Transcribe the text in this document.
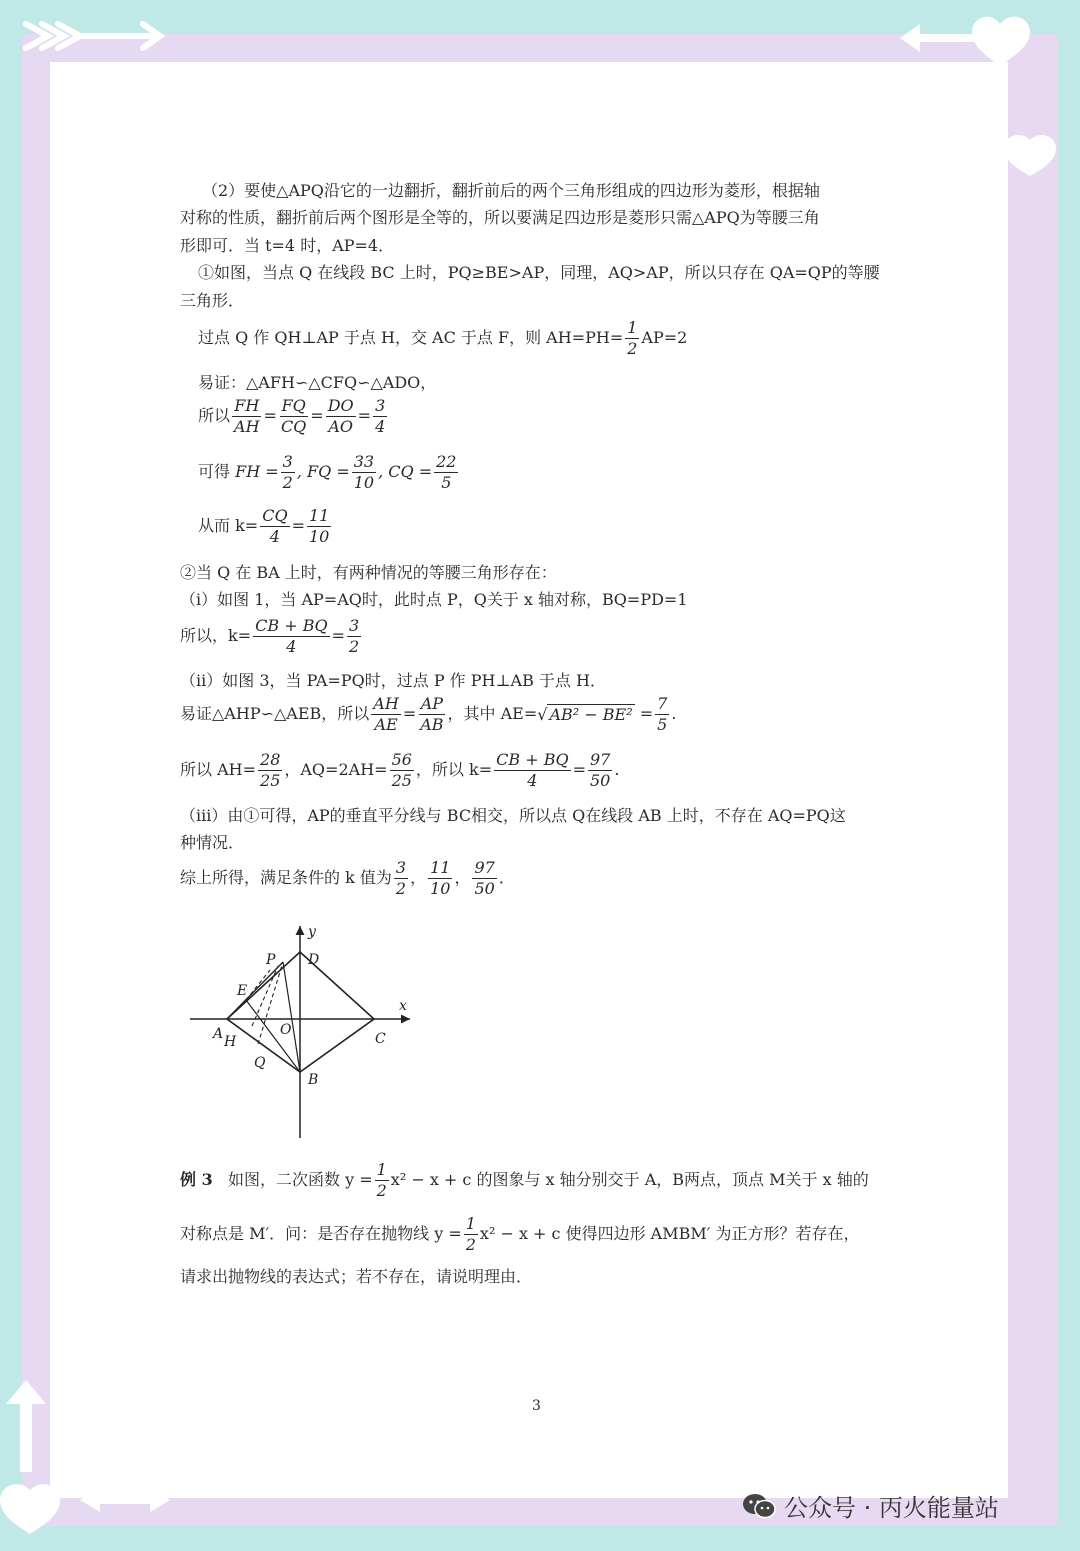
（2）要使△APQ沿它的一边翻折，翻折前后的两个三角形组成的四边形为菱形，根据轴
对称的性质，翻折前后两个图形是全等的，所以要满足四边形是菱形只需△APQ为等腰三角
形即可．当 t=4 时，AP=4．
①如图，当点 Q 在线段 BC 上时，PQ≥BE>AP，同理，AQ>AP，所以只存在 QA=QP的等腰
三角形．
过点 Q 作 QH⊥AP 于点 H，交 AC 于点 F，则 $AH=PH= \frac{1}{2} AP=2$
易证：△AFH∽△CFQ∽△ADO，
所以 $\frac{FH}{AH} = \frac{FQ}{CQ} = \frac{DO}{AO} = \frac{3}{4}$
可得 FH = $\frac{3}{2}$ , FQ = $\frac{33}{10}$ , CQ = $\frac{22}{5}$
从而 $k= \frac{CQ}{4} = \frac{11}{10}$
②当 Q 在 BA 上时，有两种情况的等腰三角形存在：
（i）如图 1，当 AP=AQ时，此时点 P，Q关于 x 轴对称，BQ=PD=1
所以，$k= \frac{CB + BQ}{4} = \frac{3}{2}$
（ii）如图 3，当 PA=PQ时，过点 P 作 PH⊥AB 于点 H．
易证△AHP∽△AEB，所以 $\frac{AH}{AE} = \frac{AP}{AB}$ ，其中 AE=√ $AB^2 - BE^2 = \frac{7}{5}$ .
所以 $AH= \frac{28}{25}$ ，$AQ=2AH= \frac{56}{25}$ ，所以 $k= \frac{CB + BQ}{4} = \frac{97}{50}$ .
（iii）由①可得，AP的垂直平分线与 BC相交，所以点 Q在线段 AB 上时，不存在 AQ=PQ这
种情况．
综上所得，满足条件的 k 值为 $\frac{3}{2}$ ， $\frac{11}{10}$ ， $\frac{97}{50}$ ．
y
x
P D
E
O
A H
Q
C
B
例 3 如图，二次函数 $y = \frac{1}{2} x^2 - x + c$ 的图象与 x 轴分别交于 A，B两点，顶点 M关于 x 轴的
对称点是 M′．问：是否存在抛物线 $y = \frac{1}{2} x^2 - x + c$ 使得四边形 AMBM′ 为正方形？若存在，
请求出抛物线的表达式；若不存在，请说明理由．
3
公众号 · 丙火能量站
